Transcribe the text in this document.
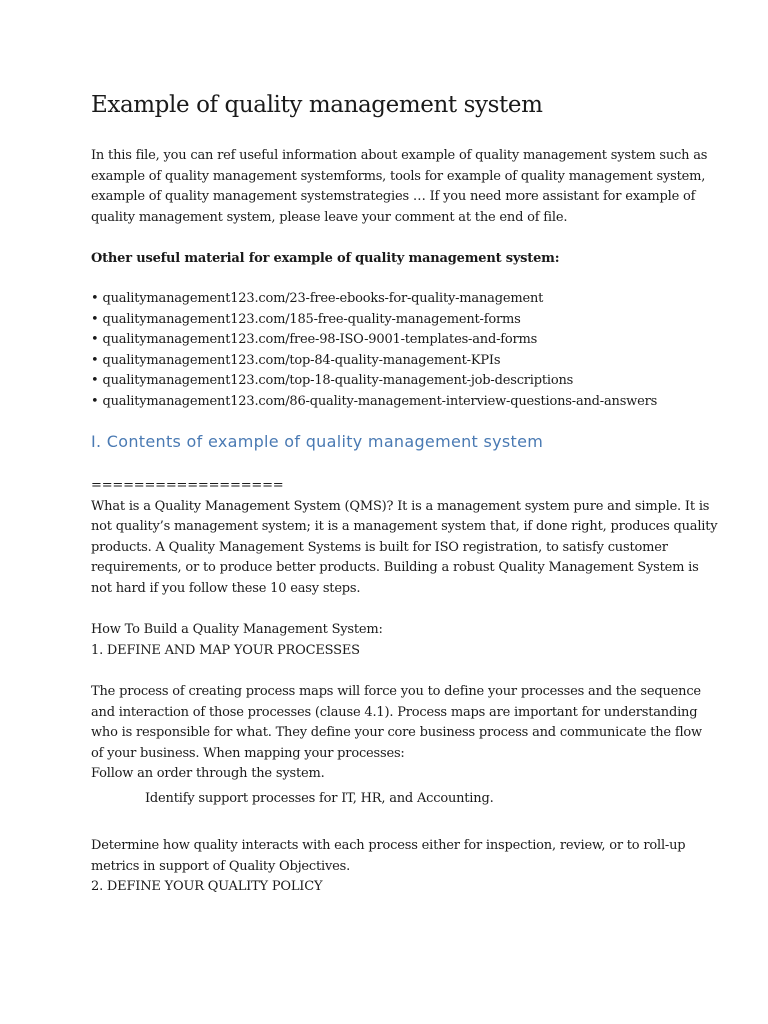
Example of quality management system

In this file, you can ref useful information about example of quality management system such as
example of quality management systemforms, tools for example of quality management system,
example of quality management systemstrategies … If you need more assistant for example of
quality management system, please leave your comment at the end of file.

Other useful material for example of quality management system:

• qualitymanagement123.com/23-free-ebooks-for-quality-management
• qualitymanagement123.com/185-free-quality-management-forms
• qualitymanagement123.com/free-98-ISO-9001-templates-and-forms
• qualitymanagement123.com/top-84-quality-management-KPIs
• qualitymanagement123.com/top-18-quality-management-job-descriptions
• qualitymanagement123.com/86-quality-management-interview-questions-and-answers
I. Contents of example of quality management system

==================
What is a Quality Management System (QMS)? It is a management system pure and simple. It is
not quality’s management system; it is a management system that, if done right, produces quality
products. A Quality Management Systems is built for ISO registration, to satisfy customer
requirements, or to produce better products. Building a robust Quality Management System is
not hard if you follow these 10 easy steps.

How To Build a Quality Management System:
1. DEFINE AND MAP YOUR PROCESSES

The process of creating process maps will force you to define your processes and the sequence
and interaction of those processes (clause 4.1). Process maps are important for understanding
who is responsible for what. They define your core business process and communicate the flow
of your business. When mapping your processes:
Follow an order through the system.

Identify support processes for IT, HR, and Accounting.

Determine how quality interacts with each process either for inspection, review, or to roll-up
metrics in support of Quality Objectives.
2. DEFINE YOUR QUALITY POLICY
